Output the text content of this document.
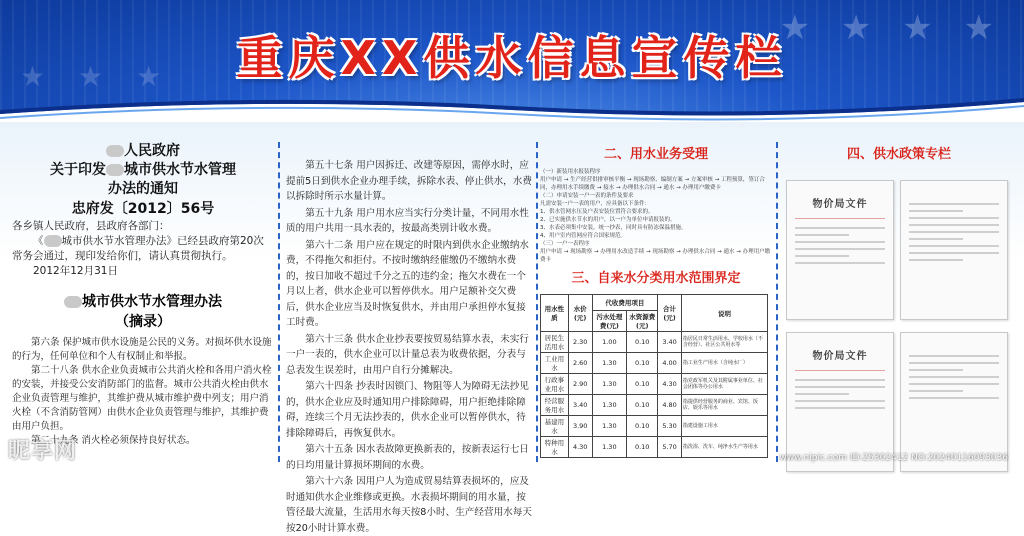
★ ★ ★ ★
★ ★ ★	重庆XX供水信息宣传栏
人民政府
关于印发 城市供水节水管理
办法的通知
忠府发〔2012〕56号
各乡镇人民政府，县政府各部门：
《 城市供水节水管理办法》已经县政府第20次常务会通过，现印发给你们，请认真贯彻执行。
2012年12月31日
城市供水节水管理办法
（摘录）
第六条 保护城市供水设施是公民的义务。对损坏供水设施的行为，任何单位和个人有权制止和举报。
第二十八条 供水企业负责城市公共消火栓和各用户消火栓的安装，并接受公安消防部门的监督。城市公共消火栓由供水企业负责管理与维护，其维护费从城市维护费中列支；用户消火栓（不含消防管网）由供水企业负责管理与维护，其维护费由用户负担。
第二十九条 消火栓必须保持良好状态。
第五十七条 用户因拆迁、改建等原因，需停水时，应提前5日到供水企业办理手续，拆除水表、停止供水，水费以拆除时所示水量计算。
第五十九条 用户用水应当实行分类计量，不同用水性质的用户共用一具水表的，按最高类别计收水费。
第六十二条 用户应在规定的时限内到供水企业缴纳水费，不得拖欠和拒付。不按时缴纳经催缴仍不缴纳水费的，按日加收不超过千分之五的违约金；拖欠水费在一个月以上者，供水企业可以暂停供水。用户足额补交欠费后，供水企业应当及时恢复供水，并由用户承担停水复接工时费。
第六十三条 供水企业抄表要按贸易结算水表，未实行一户一表的，供水企业可以计量总表为收费依据，分表与总表发生误差时，由用户自行分摊解决。
第六十四条 抄表时因锁门、物阻等人为障碍无法抄见的，供水企业应及时通知用户排除障碍，用户拒绝排除障碍，连续三个月无法抄表的，供水企业可以暂停供水，待排除障碍后，再恢复供水。
第六十五条 因水表故障更换新表的，按新表运行七日的日均用量计算损坏期间的水费。
第六十六条 因用户人为造成贸易结算表损坏的，应及时通知供水企业维修或更换。水表损坏期间的用水量，按管径最大流量，生活用水每天按8小时、生产经营用水每天按20小时计算水费。
二、用水业务受理
（一）新装用水报装程序
用户申请 → 生产经营供排审核平衡 → 现场勘察、编制方案 → 方案审核 → 工程预算，签订合同，办理用水手续缴费 → 接水 → 办理供水合同 → 通水 → 办理用户缴费卡
（二）申请安装一户一表的条件及要求
凡需安装一户一表的用户，应具备以下条件：
1、供水管网水压及户表安装位置符合要求的。
2、已实施供水节水的用户，以一户为单位申请报装的。
3、水表必须集中安装，统一抄表，同时具有防冻保温措施。
4、用户室内管网应符合国家规范。
（三）一户一表程序
用户申请 → 现场勘察 → 办理用水改造手续 → 现场勘察 → 办理供水合同 → 通水 → 办理用户缴费卡
三、自来水分类用水范围界定
用水性质	水价(元)	代收费用项目		合计(元)	说明
		污水处理费(元)	水资源费(元)		
居民生活用水	2.30	1.00	0.10	3.40	指居民日常生活用水、学校用水（不含经营）、社区公共用水等
工业用水	2.60	1.30	0.10	4.00	指工业生产用水（含纯水厂）
行政事业用水	2.90	1.30	0.10	4.30	指党政军机关及其附属事业单位、社会团体等办公用水
经营服务用水	3.40	1.30	0.10	4.80	指提供经营服务的商业、宾馆、饭店、娱乐等用水
基建用水	3.90	1.30	0.10	5.30	指建设施工用水
特种用水	4.30	1.30	0.10	5.70	指洗浴、洗车、纯净水生产等用水
四、供水政策专栏
物价局文件
物价局文件
昵享网	www.nipic.com ID:25302412 NO:20240116093036
